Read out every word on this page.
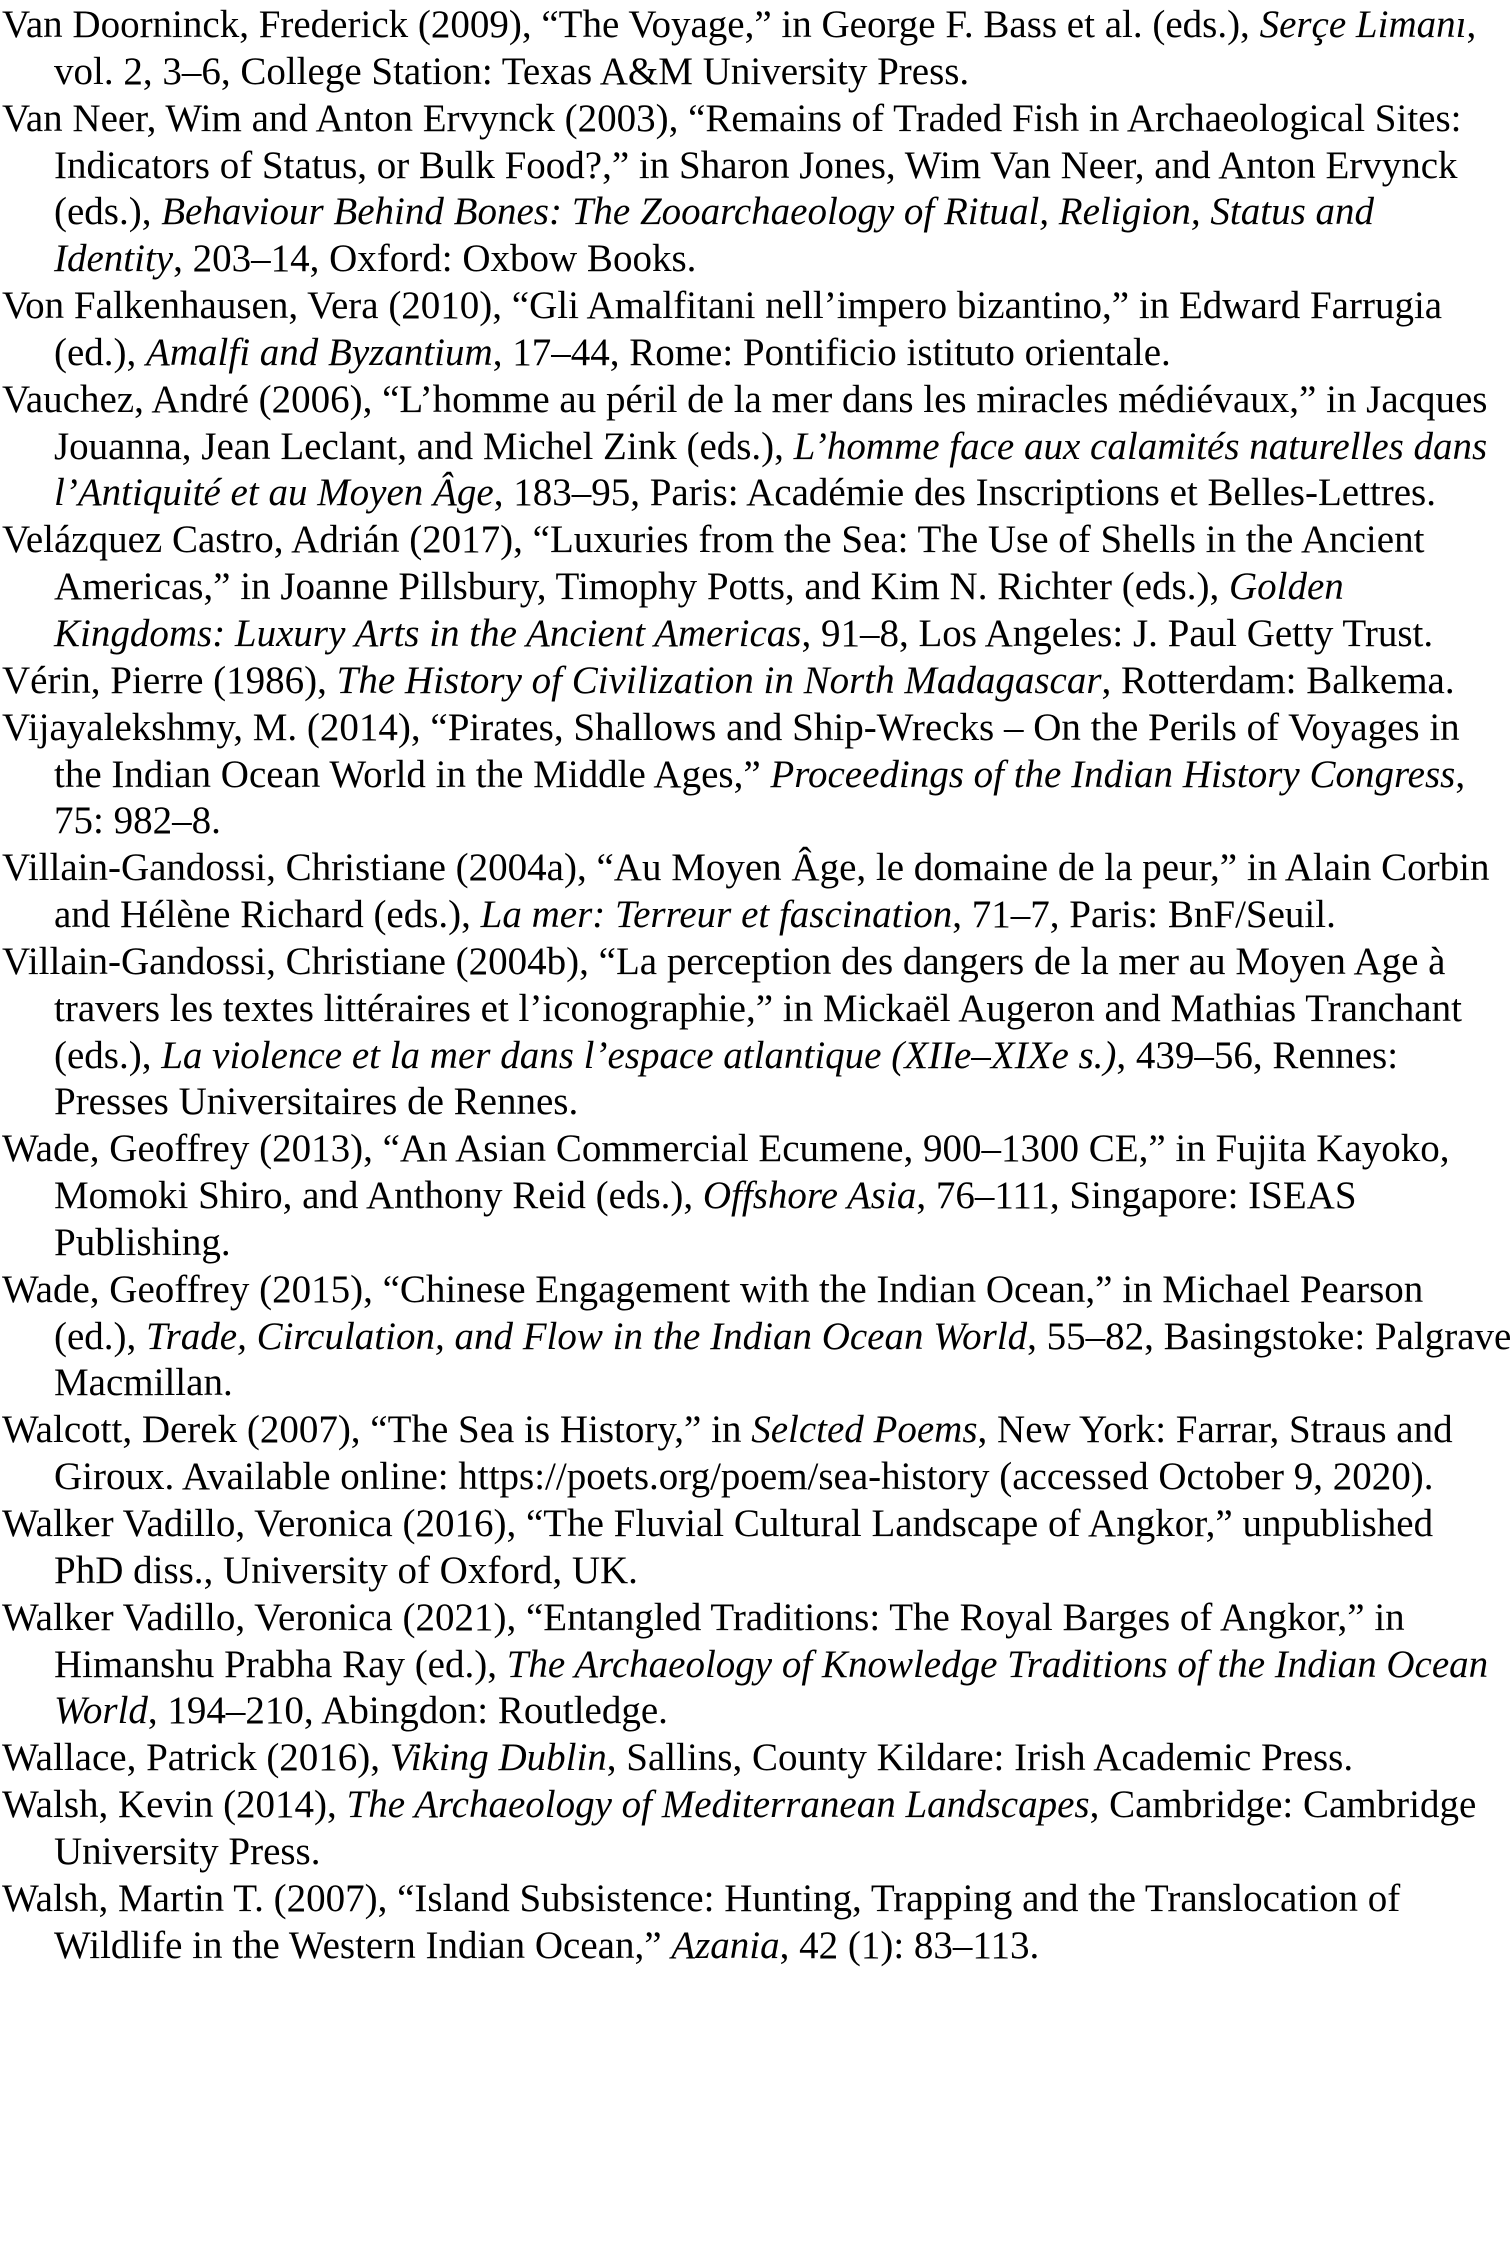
Van Doorninck, Frederick (2009), “The Voyage,” in George F. Bass et al. (eds.), Serçe Limanı, vol. 2, 3–6, College Station: Texas A&M University Press.

Van Neer, Wim and Anton Ervynck (2003), “Remains of Traded Fish in Archaeological Sites: Indicators of Status, or Bulk Food?,” in Sharon Jones, Wim Van Neer, and Anton Ervynck (eds.), Behaviour Behind Bones: The Zooarchaeology of Ritual, Religion, Status and Identity, 203–14, Oxford: Oxbow Books.

Von Falkenhausen, Vera (2010), “Gli Amalfitani nell’impero bizantino,” in Edward Farrugia (ed.), Amalfi and Byzantium, 17–44, Rome: Pontificio istituto orientale.

Vauchez, André (2006), “L’homme au péril de la mer dans les miracles médiévaux,” in Jacques Jouanna, Jean Leclant, and Michel Zink (eds.), L’homme face aux calamités naturelles dans l’Antiquité et au Moyen Âge, 183–95, Paris: Académie des Inscriptions et Belles-Lettres.

Velázquez Castro, Adrián (2017), “Luxuries from the Sea: The Use of Shells in the Ancient Americas,” in Joanne Pillsbury, Timophy Potts, and Kim N. Richter (eds.), Golden Kingdoms: Luxury Arts in the Ancient Americas, 91–8, Los Angeles: J. Paul Getty Trust.

Vérin, Pierre (1986), The History of Civilization in North Madagascar, Rotterdam: Balkema.

Vijayalekshmy, M. (2014), “Pirates, Shallows and Ship-Wrecks – On the Perils of Voyages in the Indian Ocean World in the Middle Ages,” Proceedings of the Indian History Congress, 75: 982–8.

Villain-Gandossi, Christiane (2004a), “Au Moyen Âge, le domaine de la peur,” in Alain Corbin and Hélène Richard (eds.), La mer: Terreur et fascination, 71–7, Paris: BnF/Seuil.

Villain-Gandossi, Christiane (2004b), “La perception des dangers de la mer au Moyen Age à travers les textes littéraires et l’iconographie,” in Mickaël Augeron and Mathias Tranchant (eds.), La violence et la mer dans l’espace atlantique (XIIe–XIXe s.), 439–56, Rennes: Presses Universitaires de Rennes.

Wade, Geoffrey (2013), “An Asian Commercial Ecumene, 900–1300 CE,” in Fujita Kayoko, Momoki Shiro, and Anthony Reid (eds.), Offshore Asia, 76–111, Singapore: ISEAS Publishing.

Wade, Geoffrey (2015), “Chinese Engagement with the Indian Ocean,” in Michael Pearson (ed.), Trade, Circulation, and Flow in the Indian Ocean World, 55–82, Basingstoke: Palgrave Macmillan.

Walcott, Derek (2007), “The Sea is History,” in Selcted Poems, New York: Farrar, Straus and Giroux. Available online: https://poets.org/poem/sea-history (accessed October 9, 2020).

Walker Vadillo, Veronica (2016), “The Fluvial Cultural Landscape of Angkor,” unpublished PhD diss., University of Oxford, UK.

Walker Vadillo, Veronica (2021), “Entangled Traditions: The Royal Barges of Angkor,” in Himanshu Prabha Ray (ed.), The Archaeology of Knowledge Traditions of the Indian Ocean World, 194–210, Abingdon: Routledge.

Wallace, Patrick (2016), Viking Dublin, Sallins, County Kildare: Irish Academic Press.

Walsh, Kevin (2014), The Archaeology of Mediterranean Landscapes, Cambridge: Cambridge University Press.

Walsh, Martin T. (2007), “Island Subsistence: Hunting, Trapping and the Translocation of Wildlife in the Western Indian Ocean,” Azania, 42 (1): 83–113.
